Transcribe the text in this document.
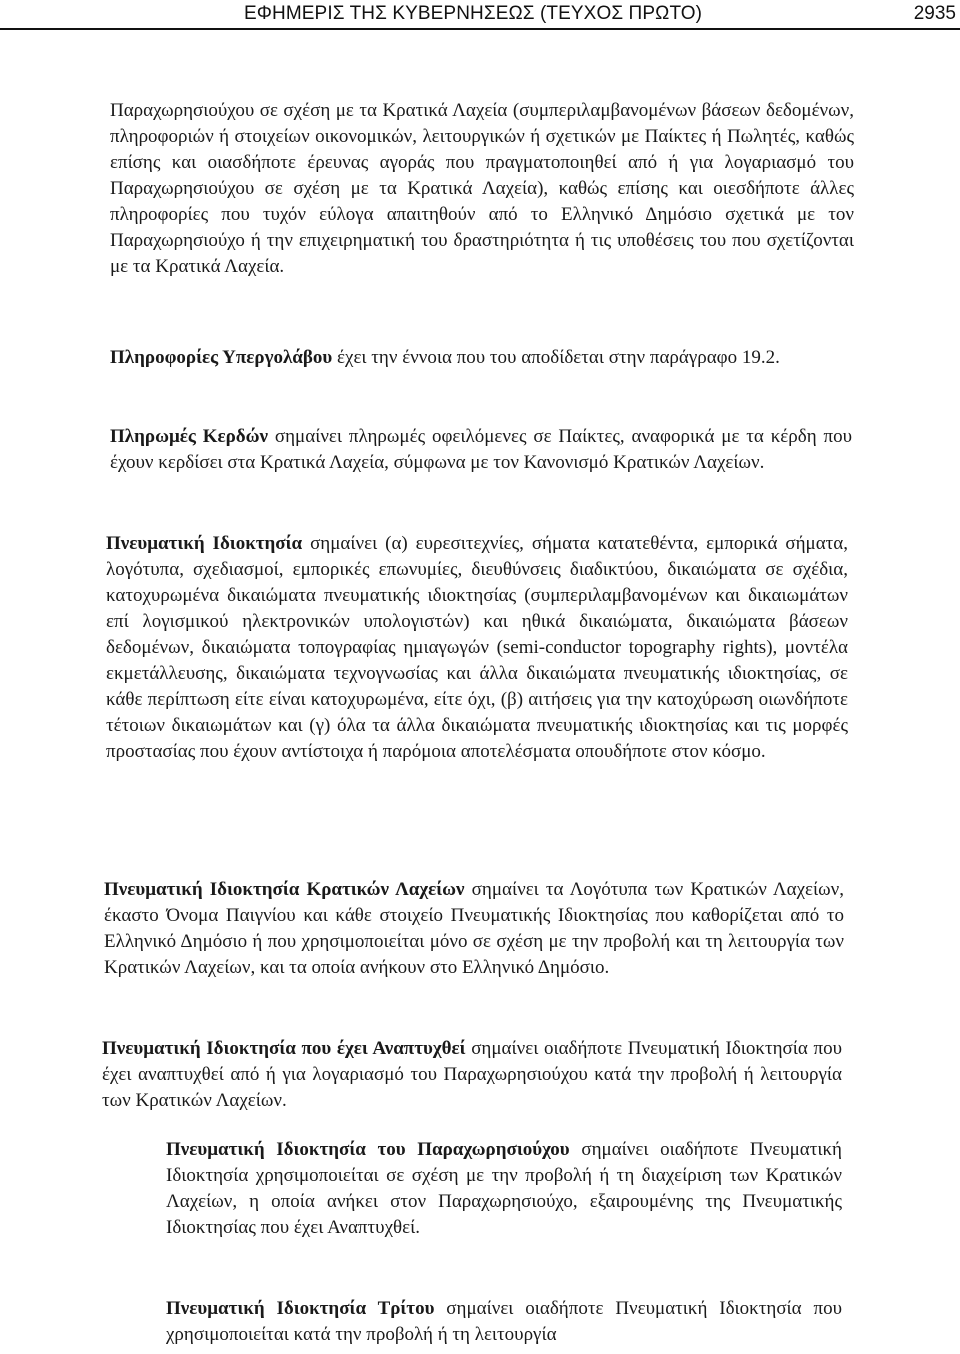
ΕΦΗΜΕΡΙΣ ΤΗΣ ΚΥΒΕΡΝΗΣΕΩΣ (ΤΕΥΧΟΣ ΠΡΩΤΟ)	2935

Παραχωρησιούχου σε σχέση με τα Κρατικά Λαχεία (συμπεριλαμβανομένων βάσεων δεδομένων, πληροφοριών ή στοιχείων οικονομικών, λειτουργικών ή σχετικών με Παίκτες ή Πωλητές, καθώς επίσης και οιασδήποτε έρευνας αγοράς που πραγματοποιηθεί από ή για λογαριασμό του Παραχωρησιούχου σε σχέση με τα Κρατικά Λαχεία), καθώς επίσης και οιεσδήποτε άλλες πληροφορίες που τυχόν εύλογα απαιτηθούν από το Ελληνικό Δημόσιο σχετικά με τον Παραχωρησιούχο ή την επιχειρηματική του δραστηριότητα ή τις υποθέσεις του που σχετίζονται με τα Κρατικά Λαχεία.

Πληροφορίες Υπεργολάβου έχει την έννοια που του αποδίδεται στην παράγραφο 19.2.

Πληρωμές Κερδών σημαίνει πληρωμές οφειλόμενες σε Παίκτες, αναφορικά με τα κέρδη που έχουν κερδίσει στα Κρατικά Λαχεία, σύμφωνα με τον Κανονισμό Κρατικών Λαχείων.

Πνευματική Ιδιοκτησία σημαίνει (α) ευρεσιτεχνίες, σήματα κατατεθέντα, εμπορικά σήματα, λογότυπα, σχεδιασμοί, εμπορικές επωνυμίες, διευθύνσεις διαδικτύου, δικαιώματα σε σχέδια, κατοχυρωμένα δικαιώματα πνευματικής ιδιοκτησίας (συμπεριλαμβανομένων και δικαιωμάτων επί λογισμικού ηλεκτρονικών υπολογιστών) και ηθικά δικαιώματα, δικαιώματα βάσεων δεδομένων, δικαιώματα τοπογραφίας ημιαγωγών (semi-conductor topography rights), μοντέλα εκμετάλλευσης, δικαιώματα τεχνογνωσίας και άλλα δικαιώματα πνευματικής ιδιοκτησίας, σε κάθε περίπτωση είτε είναι κατοχυρωμένα, είτε όχι, (β) αιτήσεις για την κατοχύρωση οιωνδήποτε τέτοιων δικαιωμάτων και (γ) όλα τα άλλα δικαιώματα πνευματικής ιδιοκτησίας και τις μορφές προστασίας που έχουν αντίστοιχα ή παρόμοια αποτελέσματα οπουδήποτε στον κόσμο.

Πνευματική Ιδιοκτησία Κρατικών Λαχείων σημαίνει τα Λογότυπα των Κρατικών Λαχείων, έκαστο Όνομα Παιγνίου και κάθε στοιχείο Πνευματικής Ιδιοκτησίας που καθορίζεται από το Ελληνικό Δημόσιο ή που χρησιμοποιείται μόνο σε σχέση με την προβολή και τη λειτουργία των Κρατικών Λαχείων, και τα οποία ανήκουν στο Ελληνικό Δημόσιο.

Πνευματική Ιδιοκτησία που έχει Αναπτυχθεί σημαίνει οιαδήποτε Πνευματική Ιδιοκτησία που έχει αναπτυχθεί από ή για λογαριασμό του Παραχωρησιούχου κατά την προβολή ή λειτουργία των Κρατικών Λαχείων.

Πνευματική Ιδιοκτησία του Παραχωρησιούχου σημαίνει οιαδήποτε Πνευματική Ιδιοκτησία χρησιμοποιείται σε σχέση με την προβολή ή τη διαχείριση των Κρατικών Λαχείων, η οποία ανήκει στον Παραχωρησιούχο, εξαιρουμένης της Πνευματικής Ιδιοκτησίας που έχει Αναπτυχθεί.

Πνευματική Ιδιοκτησία Τρίτου σημαίνει οιαδήποτε Πνευματική Ιδιοκτησία που χρησιμοποιείται κατά την προβολή ή τη λειτουργία
